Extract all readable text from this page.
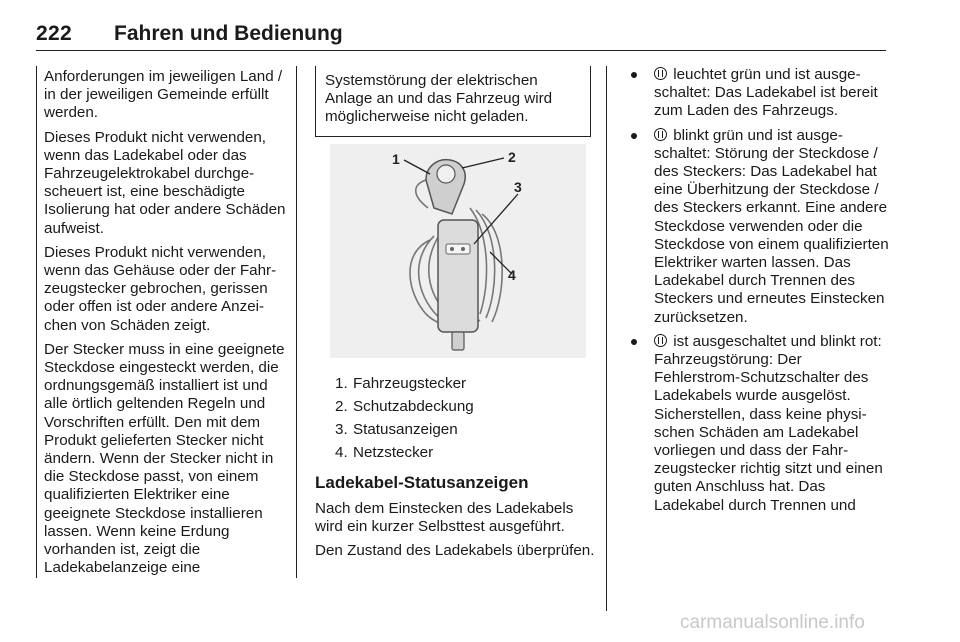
222 Fahren und Bedienung

Anforderungen im jeweiligen Land / in der jeweiligen Gemeinde erfüllt werden.

Dieses Produkt nicht verwenden, wenn das Ladekabel oder das Fahrzeugelektrokabel durchgescheuert ist, eine beschädigte Isolierung hat oder andere Schäden aufweist.

Dieses Produkt nicht verwenden, wenn das Gehäuse oder der Fahrzeugstecker gebrochen, gerissen oder offen ist oder andere Anzeichen von Schäden zeigt.

Der Stecker muss in eine geeignete Steckdose eingesteckt werden, die ordnungsgemäß installiert ist und alle örtlich geltenden Regeln und Vorschriften erfüllt. Den mit dem Produkt gelieferten Stecker nicht ändern. Wenn der Stecker nicht in die Steckdose passt, von einem qualifizierten Elektriker eine geeignete Steckdose installieren lassen. Wenn keine Erdung vorhanden ist, zeigt die Ladekabelanzeige eine

Systemstörung der elektrischen Anlage an und das Fahrzeug wird möglicherweise nicht geladen.
1	2
3
4
1 . Fahrzeugstecker
2 . Schutzabdeckung
3 . Statusanzeigen
4 . Netzstecker
Ladekabel-Statusanzeigen

Nach dem Einstecken des Ladekabels wird ein kurzer Selbsttest ausgeführt.

Den Zustand des Ladekabels überprüfen.

leuchtet grün und ist ausgeschaltet: Das Ladekabel ist bereit zum Laden des Fahrzeugs.
blinkt grün und ist ausgeschaltet: Störung der Steckdose / des Steckers: Das Ladekabel hat eine Überhitzung der Steckdose / des Steckers erkannt. Eine andere Steckdose verwenden oder die Steckdose von einem qualifizierten Elektriker warten lassen. Das Ladekabel durch Trennen des Steckers und erneutes Einstecken zurücksetzen.
ist ausgeschaltet und blinkt rot: Fahrzeugstörung: Der Fehlerstrom-Schutzschalter des Ladekabels wurde ausgelöst. Sicherstellen, dass keine physischen Schäden am Ladekabel vorliegen und dass der Fahrzeugstecker richtig sitzt und einen guten Anschluss hat. Das Ladekabel durch Trennen und
carmanualsonline.info
